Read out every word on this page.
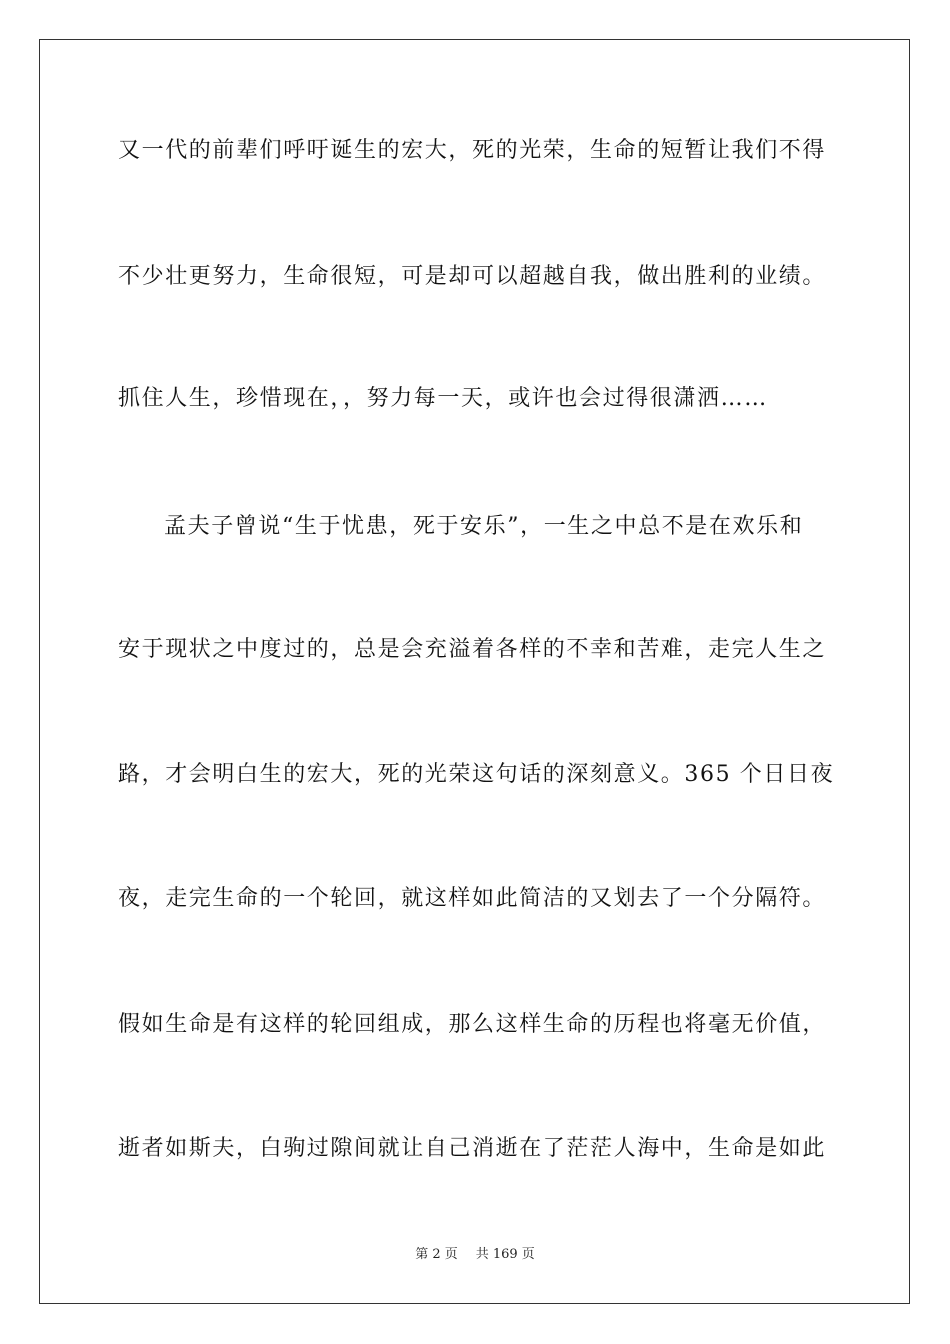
又一代的前辈们呼吁诞生的宏大，死的光荣，生命的短暂让我们不得
不少壮更努力，生命很短，可是却可以超越自我，做出胜利的业绩。
抓住人生，珍惜现在，，努力每一天，或许也会过得很潇洒……
孟夫子曾说“生于忧患，死于安乐”，一生之中总不是在欢乐和
安于现状之中度过的，总是会充溢着各样的不幸和苦难，走完人生之
路，才会明白生的宏大，死的光荣这句话的深刻意义。365 个日日夜
夜，走完生命的一个轮回，就这样如此简洁的又划去了一个分隔符。
假如生命是有这样的轮回组成，那么这样生命的历程也将毫无价值，
逝者如斯夫，白驹过隙间就让自己消逝在了茫茫人海中，生命是如此
第 2 页 共 169 页
